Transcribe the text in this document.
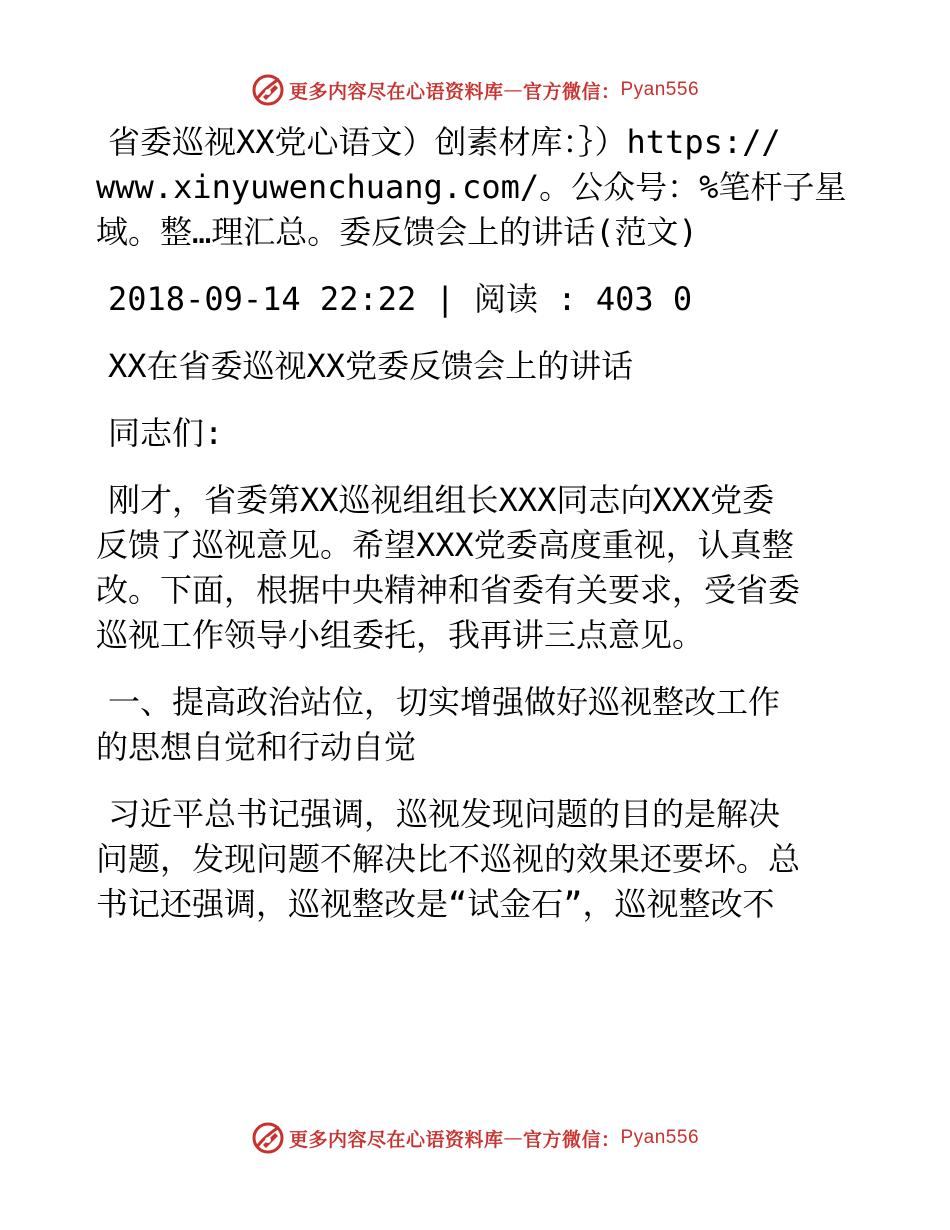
更多内容尽在心语资料库 — 官方微信： Pyan556

省委巡视XX党心语文）创素材库：｝）https://

www.xinyuwenchuang.com/。公众号：%笔杆子星

域。整…理汇总。委反馈会上的讲话(范文)

2018-09-14 22:22 | 阅读 : 403 0

XX在省委巡视XX党委反馈会上的讲话

同志们:

刚才，省委第XX巡视组组长XXX同志向XXX党委

反馈了巡视意见。希望XXX党委高度重视，认真整

改。下面，根据中央精神和省委有关要求，受省委

巡视工作领导小组委托，我再讲三点意见。

一、提高政治站位，切实增强做好巡视整改工作

的思想自觉和行动自觉

习近平总书记强调，巡视发现问题的目的是解决

问题，发现问题不解决比不巡视的效果还要坏。总

书记还强调，巡视整改是“试金石”，巡视整改不

更多内容尽在心语资料库 — 官方微信： Pyan556
